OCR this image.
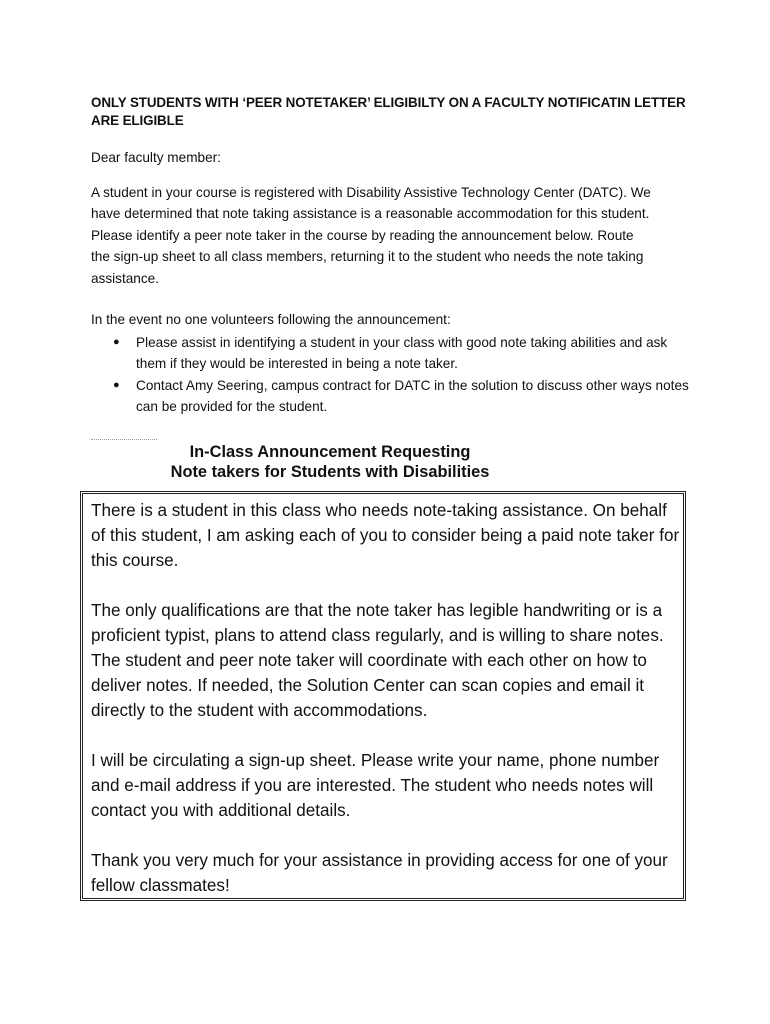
ONLY STUDENTS WITH ‘PEER NOTETAKER’ ELIGIBILTY ON A FACULTY NOTIFICATIN LETTER ARE ELIGIBLE
Dear faculty member:
A student in your course is registered with Disability Assistive Technology Center (DATC). We have determined that note taking assistance is a reasonable accommodation for this student. Please identify a peer note taker in the course by reading the announcement below. Route the sign-up sheet to all class members, returning it to the student who needs the note taking assistance.
In the event no one volunteers following the announcement:
● Please assist in identifying a student in your class with good note taking abilities and ask them if they would be interested in being a note taker.
● Contact Amy Seering, campus contract for DATC in the solution to discuss other ways notes can be provided for the student.
In-Class Announcement Requesting
Note takers for Students with Disabilities

There is a student in this class who needs note-taking assistance. On behalf of this student, I am asking each of you to consider being a paid note taker for this course.

The only qualifications are that the note taker has legible handwriting or is a proficient typist, plans to attend class regularly, and is willing to share notes. The student and peer note taker will coordinate with each other on how to deliver notes. If needed, the Solution Center can scan copies and email it directly to the student with accommodations.

I will be circulating a sign-up sheet. Please write your name, phone number and e-mail address if you are interested. The student who needs notes will contact you with additional details.

Thank you very much for your assistance in providing access for one of your fellow classmates!
